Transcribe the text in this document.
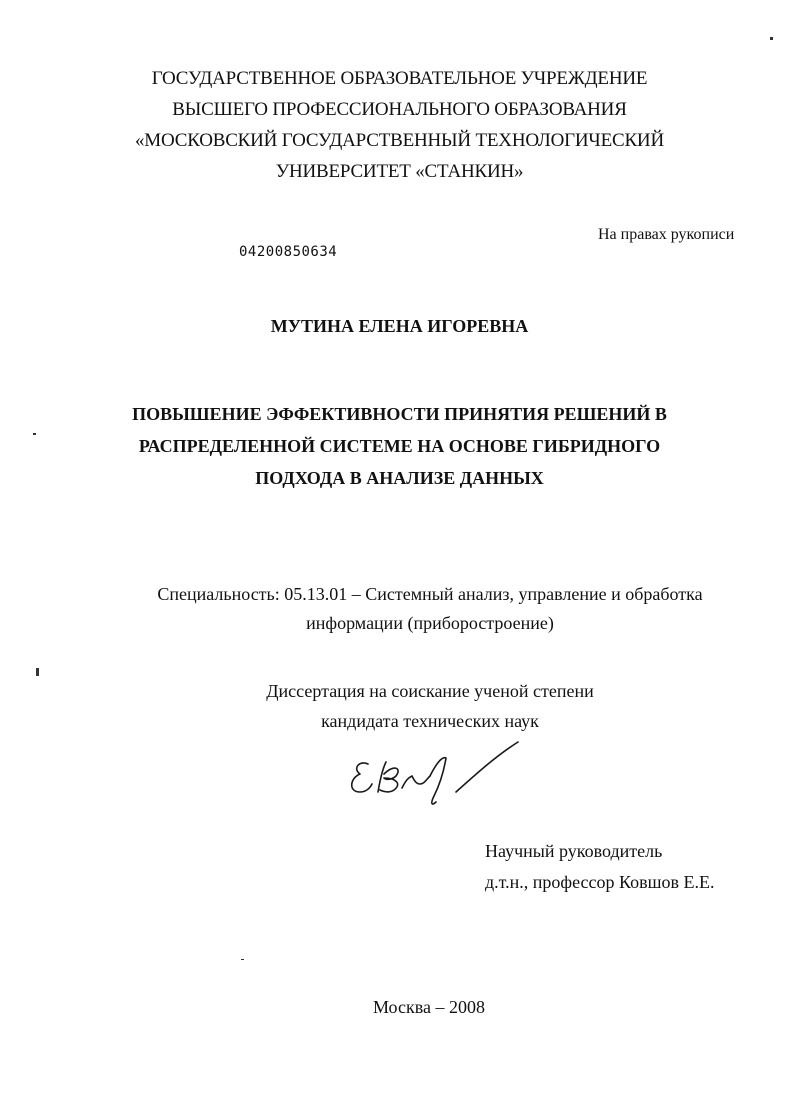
ГОСУДАРСТВЕННОЕ ОБРАЗОВАТЕЛЬНОЕ УЧРЕЖДЕНИЕ
ВЫСШЕГО ПРОФЕССИОНАЛЬНОГО ОБРАЗОВАНИЯ
«МОСКОВСКИЙ ГОСУДАРСТВЕННЫЙ ТЕХНОЛОГИЧЕСКИЙ
УНИВЕРСИТЕТ «СТАНКИН»
На правах рукописи
04200850634
МУТИНА ЕЛЕНА ИГОРЕВНА
ПОВЫШЕНИЕ ЭФФЕКТИВНОСТИ ПРИНЯТИЯ РЕШЕНИЙ В
РАСПРЕДЕЛЕННОЙ СИСТЕМЕ НА ОСНОВЕ ГИБРИДНОГО
ПОДХОДА В АНАЛИЗЕ ДАННЫХ
Специальность: 05.13.01 – Системный анализ, управление и обработка
информации (приборостроение)
Диссертация на соискание ученой степени
кандидата технических наук
Научный руководитель
д.т.н., профессор Ковшов Е.Е.
Москва – 2008
